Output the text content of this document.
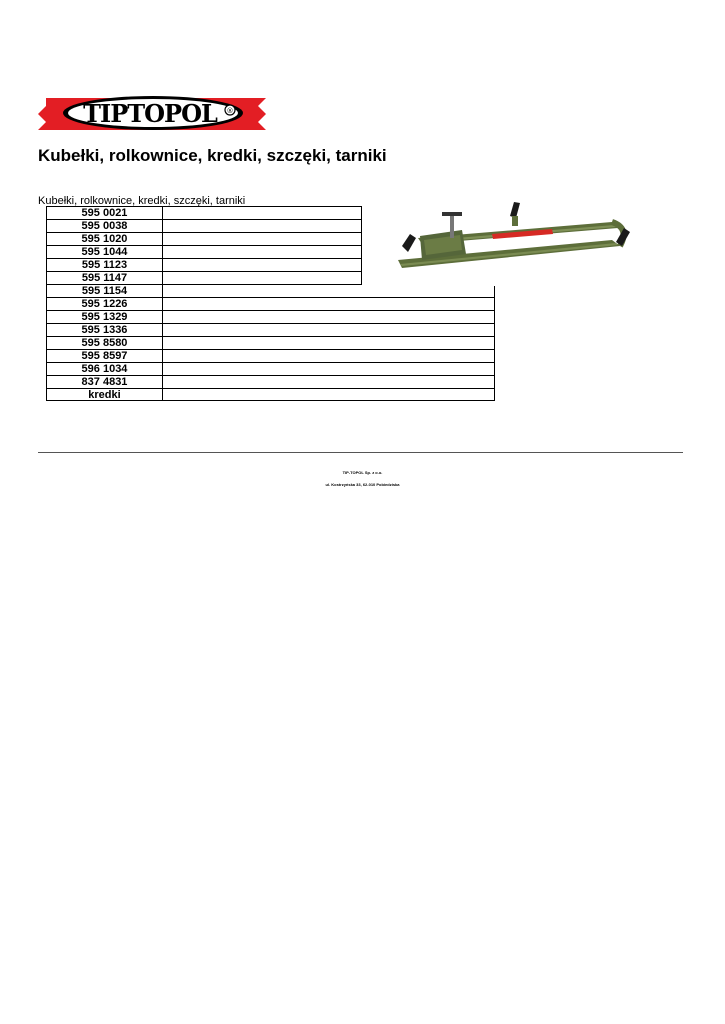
TIPTOPOL ®
Kubełki, rolkownice, kredki, szczęki, tarniki
Kubełki, rolkownice, kredki, szczęki, tarniki
595 0021
595 0038
595 1020
595 1044
595 1123
595 1147
595 1154
595 1226
595 1329
595 1336
595 8580
595 8597
596 1034
837 4831
kredki
TIP-TOPOL Sp. z o.o.
ul. Kostrzyńska 33, 62-010 Pobiedziska
